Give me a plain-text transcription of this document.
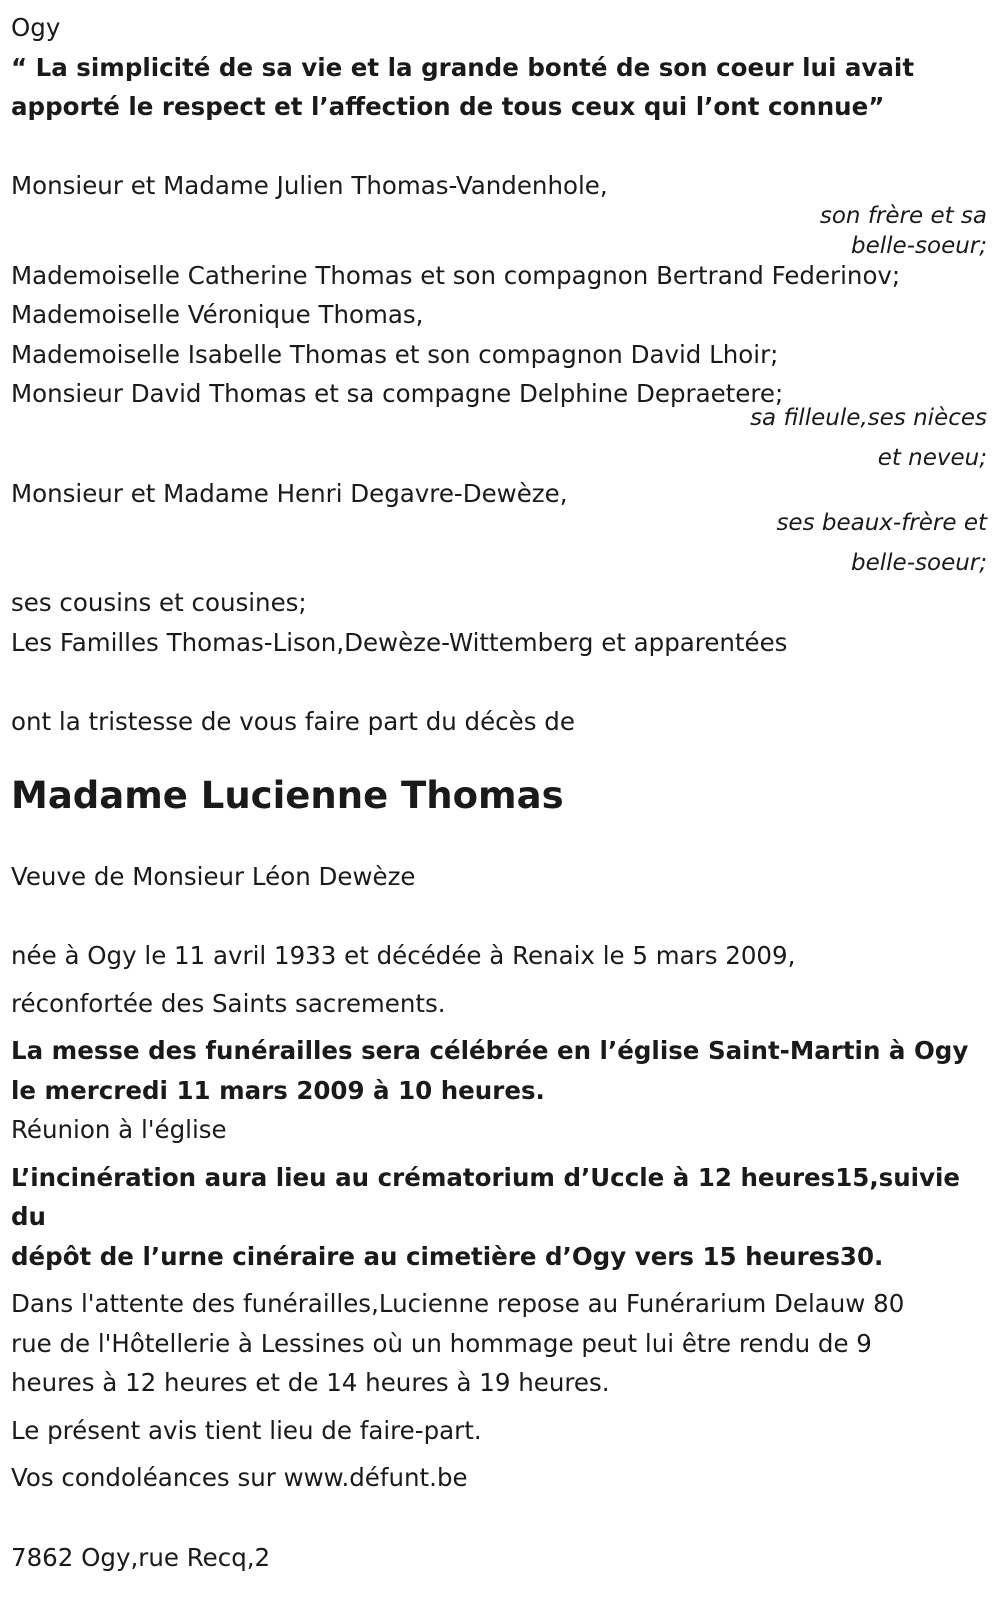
Ogy
“ La simplicité de sa vie et la grande bonté de son coeur lui avait
apporté le respect et l’affection de tous ceux qui l’ont connue”
Monsieur et Madame Julien Thomas-Vandenhole,
son frère et sa
belle-soeur;
Mademoiselle Catherine Thomas et son compagnon Bertrand Federinov;
Mademoiselle Véronique Thomas,
Mademoiselle Isabelle Thomas et son compagnon David Lhoir;
Monsieur David Thomas et sa compagne Delphine Depraetere;
sa filleule,ses nièces
et neveu;
Monsieur et Madame Henri Degavre-Dewèze,
ses beaux-frère et
belle-soeur;
ses cousins et cousines;
Les Familles Thomas-Lison,Dewèze-Wittemberg et apparentées
ont la tristesse de vous faire part du décès de
Madame Lucienne Thomas
Veuve de Monsieur Léon Dewèze
née à Ogy le 11 avril 1933 et décédée à Renaix le 5 mars 2009,
réconfortée des Saints sacrements.
La messe des funérailles sera célébrée en l’église Saint-Martin à Ogy
le mercredi 11 mars 2009 à 10 heures.
Réunion à l'église
L’incinération aura lieu au crématorium d’Uccle à 12 heures15,suivie du
dépôt de l’urne cinéraire au cimetière d’Ogy vers 15 heures30.
Dans l'attente des funérailles,Lucienne repose au Funérarium Delauw 80
rue de l'Hôtellerie à Lessines où un hommage peut lui être rendu de 9
heures à 12 heures et de 14 heures à 19 heures.
Le présent avis tient lieu de faire-part.
Vos condoléances sur www.défunt.be
7862 Ogy,rue Recq,2
